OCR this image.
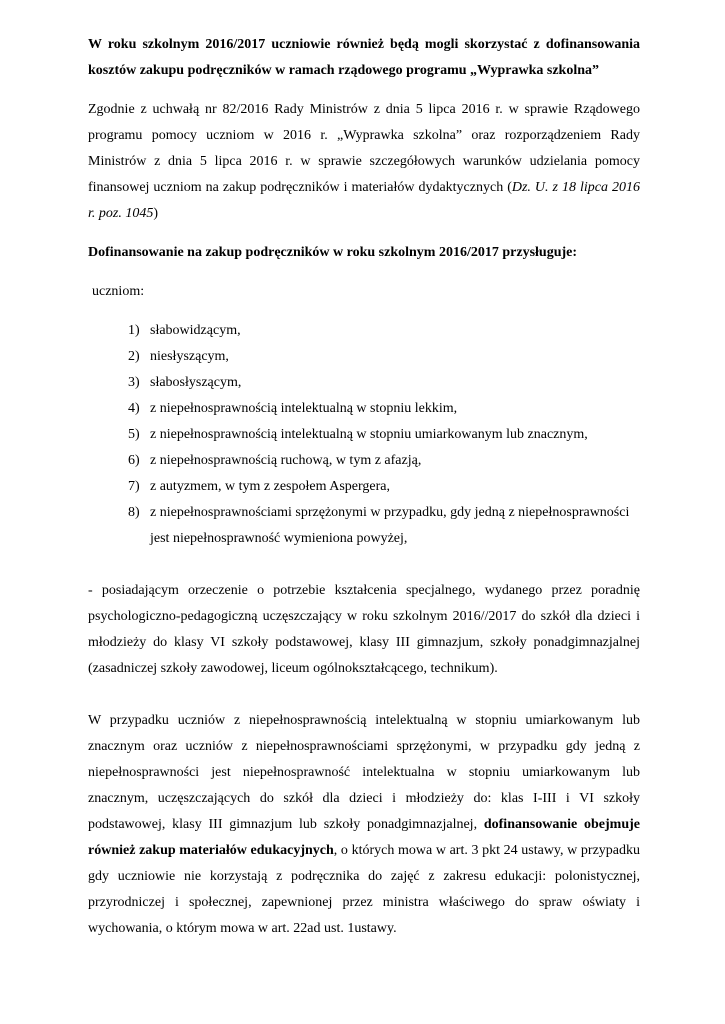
W roku szkolnym 2016/2017 uczniowie również będą mogli skorzystać z dofinansowania kosztów zakupu podręczników w ramach rządowego programu „Wyprawka szkolna”

Zgodnie z uchwałą nr 82/2016 Rady Ministrów z dnia 5 lipca 2016 r. w sprawie Rządowego programu pomocy uczniom w 2016 r. „Wyprawka szkolna” oraz rozporządzeniem Rady Ministrów z dnia 5 lipca 2016 r. w sprawie szczegółowych warunków udzielania pomocy finansowej uczniom na zakup podręczników i materiałów dydaktycznych (Dz. U. z 18 lipca 2016 r. poz. 1045)

Dofinansowanie na zakup podręczników w roku szkolnym 2016/2017 przysługuje:

uczniom:

1) słabowidzącym,
2) niesłyszącym,
3) słabosłyszącym,
4) z niepełnosprawnością intelektualną w stopniu lekkim,
5) z niepełnosprawnością intelektualną w stopniu umiarkowanym lub znacznym,
6) z niepełnosprawnością ruchową, w tym z afazją,
7) z autyzmem, w tym z zespołem Aspergera,
8) z niepełnosprawnościami sprzężonymi w przypadku, gdy jedną z niepełnosprawności jest niepełnosprawność wymieniona powyżej,

- posiadającym orzeczenie o potrzebie kształcenia specjalnego, wydanego przez poradnię psychologiczno-pedagogiczną uczęszczający w roku szkolnym 2016//2017 do szkół dla dzieci i młodzieży do klasy VI szkoły podstawowej, klasy III gimnazjum, szkoły ponadgimnazjalnej (zasadniczej szkoły zawodowej, liceum ogólnokształcącego, technikum).

W przypadku uczniów z niepełnosprawnością intelektualną w stopniu umiarkowanym lub znacznym oraz uczniów z niepełnosprawnościami sprzężonymi, w przypadku gdy jedną z niepełnosprawności jest niepełnosprawność intelektualna w stopniu umiarkowanym lub znacznym, uczęszczających do szkół dla dzieci i młodzieży do: klas I-III i VI szkoły podstawowej, klasy III gimnazjum lub szkoły ponadgimnazjalnej, dofinansowanie obejmuje również zakup materiałów edukacyjnych, o których mowa w art. 3 pkt 24 ustawy, w przypadku gdy uczniowie nie korzystają z podręcznika do zajęć z zakresu edukacji: polonistycznej, przyrodniczej i społecznej, zapewnionej przez ministra właściwego do spraw oświaty i wychowania, o którym mowa w art. 22ad ust. 1ustawy.
